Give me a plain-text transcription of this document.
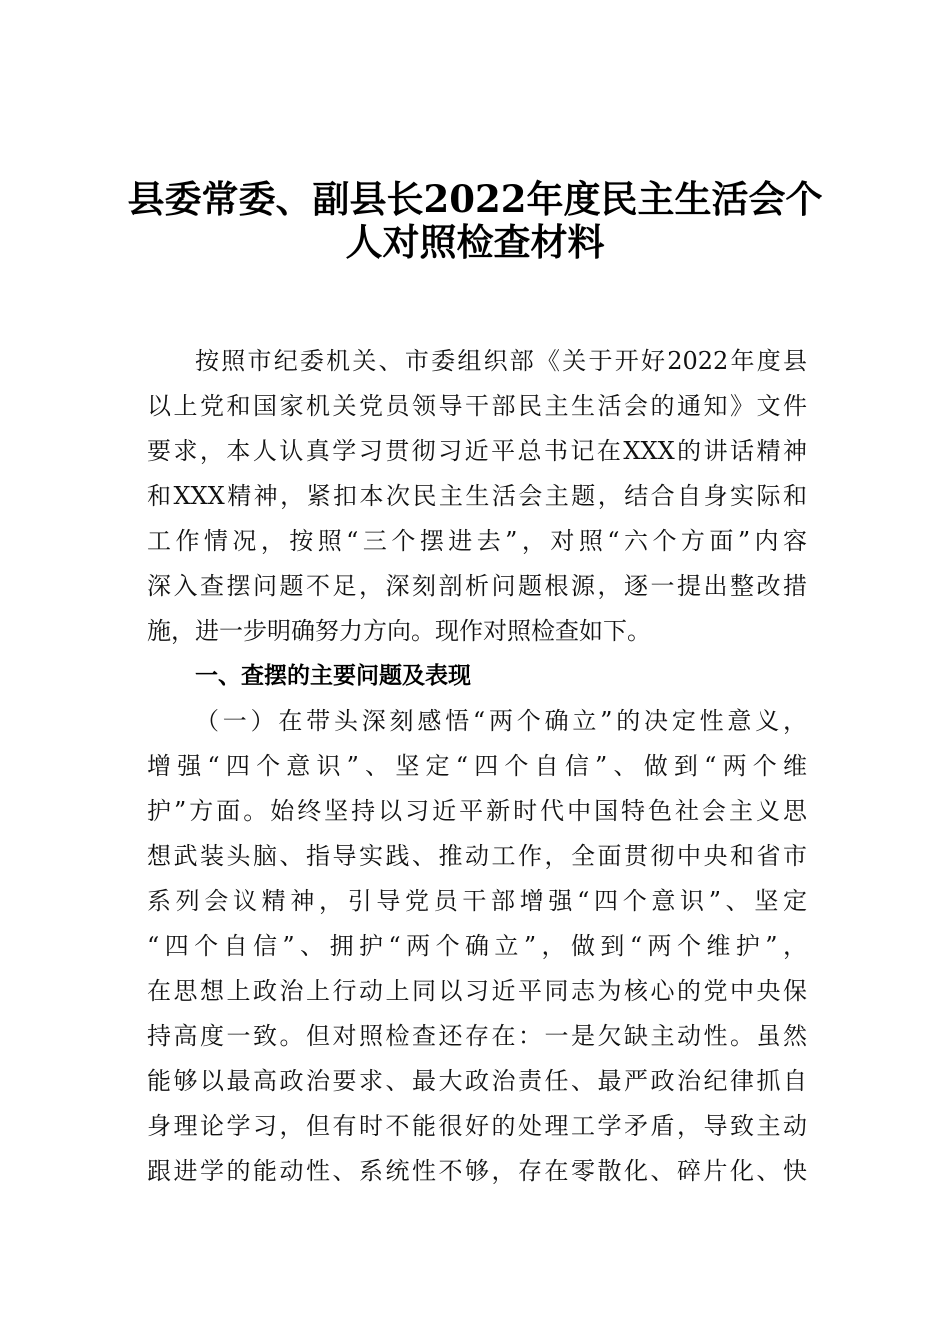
县委常委、副县长2022年度民主生活会个
人对照检查材料
按照市纪委机关、市委组织部《关于开好2022年度县
以上党和国家机关党员领导干部民主生活会的通知》文件
要求，本人认真学习贯彻习近平总书记在XXX的讲话精神
和XXX精神，紧扣本次民主生活会主题，结合自身实际和
工作情况，按照“三个摆进去”，对照“六个方面”内容
深入查摆问题不足，深刻剖析问题根源，逐一提出整改措
施，进一步明确努力方向。现作对照检查如下。
一、查摆的主要问题及表现
（一）在带头深刻感悟“两个确立”的决定性意义，
增强“四个意识”、坚定“四个自信”、做到“两个维
护”方面。始终坚持以习近平新时代中国特色社会主义思
想武装头脑、指导实践、推动工作，全面贯彻中央和省市
系列会议精神，引导党员干部增强“四个意识”、坚定
“四个自信”、拥护“两个确立”，做到“两个维护”，
在思想上政治上行动上同以习近平同志为核心的党中央保
持高度一致。但对照检查还存在：一是欠缺主动性。虽然
能够以最高政治要求、最大政治责任、最严政治纪律抓自
身理论学习，但有时不能很好的处理工学矛盾，导致主动
跟进学的能动性、系统性不够，存在零散化、碎片化、快
